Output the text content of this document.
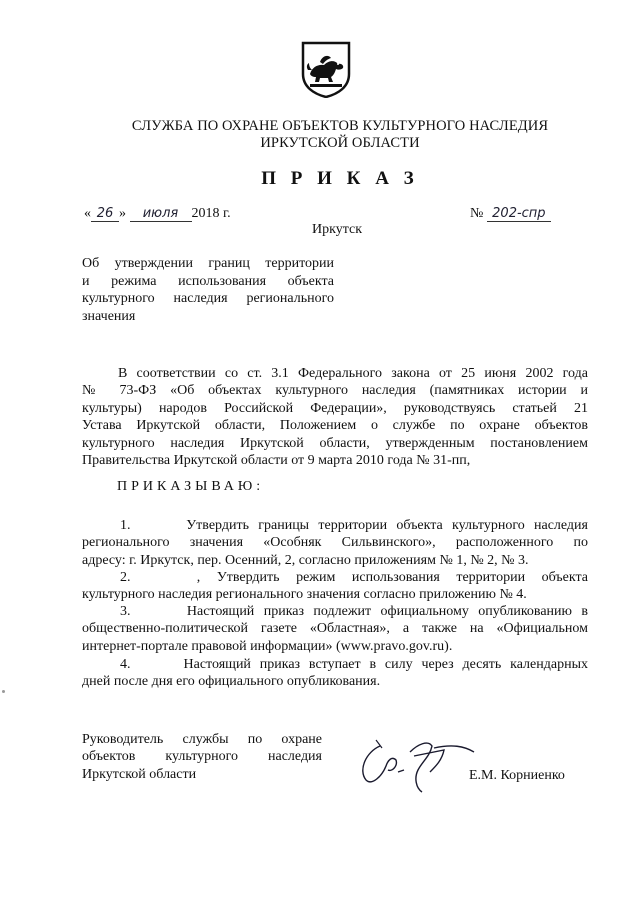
СЛУЖБА ПО ОХРАНЕ ОБЪЕКТОВ КУЛЬТУРНОГО НАСЛЕДИЯ
ИРКУТСКОЙ ОБЛАСТИ
П Р И К А З
« 26 » июля 2018 г.	№ 202-спр
Иркутск
Об утверждении границ территории
и режима использования объекта
культурного наследия регионального
значения
В соответствии со ст. 3.1 Федерального закона от 25 июня 2002 года
№ 73-ФЗ «Об объектах культурного наследия (памятниках истории и
культуры) народов Российской Федерации», руководствуясь статьей 21
Устава Иркутской области, Положением о службе по охране объектов
культурного наследия Иркутской области, утвержденным постановлением
Правительства Иркутской области от 9 марта 2010 года № 31-пп,
ПРИКАЗЫВАЮ:
1.      Утвердить границы территории объекта культурного наследия
регионального значения «Особняк Сильвинского», расположенного по
адресу: г. Иркутск, пер. Осенний, 2, согласно приложениям № 1, № 2, № 3.
2.    , Утвердить режим использования территории объекта
культурного наследия регионального значения согласно приложению № 4.
3.      Настоящий приказ подлежит официальному опубликованию в
общественно-политической газете «Областная», а также на «Официальном
интернет-портале правовой информации» (www.pravo.gov.ru).
4.      Настоящий приказ вступает в силу через десять календарных
дней после дня его официального опубликования.
Руководитель службы по охране
объектов культурного наследия
Иркутской области	Е.М. Корниенко
